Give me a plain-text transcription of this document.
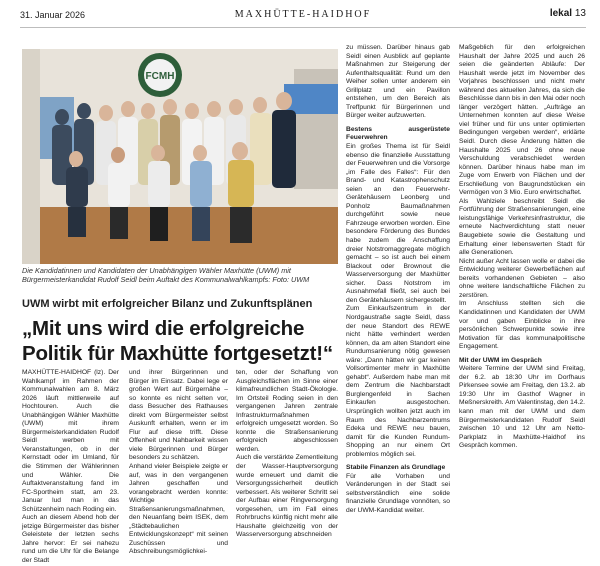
31. Januar 2026	MAXHÜTTE-HAIDHOF	lekal 13
FCMH
Die Kandidatinnen und Kandidaten der Unabhängigen Wähler Maxhütte (UWM) mit Bürgermeisterkandidat Rudolf Seidl beim Auftakt des Kommunalwahlkampfs: Foto: UWM
UWM wirbt mit erfolgreicher Bilanz und Zukunftsplänen
„Mit uns wird die erfolgreiche Politik für Maxhütte fortgesetzt!“

MAXHÜTTE-HAIDHOF (lz). Der Wahlkampf im Rahmen der Kommunalwahlen am 8. März 2026 läuft mittlerweile auf Hochtouren. Auch die Unabhängigen Wähler Maxhütte (UWM) mit ihrem Bürgermeisterkandidaten Rudolf Seidl werben mit Veranstaltungen, ob in der Kernstadt oder im Umland, für die Stimmen der Wählerinnen und Wähler. Die Auftaktveranstaltung fand im FC-Sportheim statt, am 23. Januar lud man in das Schützenheim nach Roding ein.

Auch an diesem Abend hob der jetzige Bürgermeister das bisher Geleistete der letzten sechs Jahre hervor: Er sei nahezu rund um die Uhr für die Belange der Stadt

und ihrer Bürgerinnen und Bürger im Einsatz. Dabei lege er großen Wert auf Bürgernähe – so konnte es nicht selten vor, dass Besucher des Rathauses direkt vom Bürgermeister selbst Auskunft erhalten, wenn er im Flur auf diese trifft. Diese Offenheit und Nahbarkeit wissen viele Bürgerinnen und Bürger besonders zu schätzen.

Anhand vieler Beispiele zeigte er auf, was in den vergangenen Jahren geschaffen und vorangebracht werden konnte: Wichtige Straßensanierungsmaßnahmen, den Neuanfang beim ISEK, dem „Städtebaulichen Entwicklungskonzept“ mit seinen Zuschüssen und Abschreibungsmöglichkei-

ten, oder der Schaffung von Ausgleichsflächen im Sinne einer klimafreundlichen Stadt-Ökologie. Im Ortsteil Roding seien in den vergangenen Jahren zentrale Infrastrukturmaßnahmen erfolgreich umgesetzt worden. So konnte die Straßensanierung erfolgreich abgeschlossen werden.

Auch die verstärkte Zementleitung der Wasser-Hauptversorgung wurde erneuert und damit die Versorgungssicherheit deutlich verbessert. Als weiterer Schritt sei der Aufbau einer Ringversorgung vorgesehen, um im Fall eines Rohrbruchs künftig nicht mehr alle Haushalte gleichzeitig von der Wasserversorgung abschneiden

zu müssen. Darüber hinaus gab Seidl einen Ausblick auf geplante Maßnahmen zur Steigerung der Aufenthaltsqualität: Rund um den Weiher sollen unter anderem ein Grillplatz und ein Pavillon entstehen, um den Bereich als Treffpunkt für Bürgerinnen und Bürger weiter aufzuwerten.

Bestens ausgerüstete Feuerwehren

Ein großes Thema ist für Seidl ebenso die finanzielle Ausstattung der Feuerwehren und die Vorsorge „im Falle des Falles“: Für den Brand- und Katastrophenschutz seien an den Feuerwehr-Gerätehäusern Leonberg und Ponholz Baumaßnahmen durchgeführt sowie neue Fahrzeuge erworben worden. Eine besondere Förderung des Bundes habe zudem die Anschaffung dreier Notstromaggregate möglich gemacht – so ist auch bei einem Blackout oder Brownout die Wasserversorgung der Maxhütter sicher. Dass Notstrom im Ausnahmefall fließt, sei auch bei den Gerätehäusern sichergestellt.

Zum Einkaufszentrum in der Nordgaustraße sagte Seidl, dass der neue Standort des REWE nicht hätte verhindert werden können, da am alten Standort eine Rundumsanierung nötig gewesen wäre: „Dann hätten wir gar keinen Vollsortimenter mehr in Maxhütte gehabt“. Außerdem habe man mit dem Zentrum die Nachbarstadt Burglengenfeld in Sachen Einkaufen ausgestochen. Ursprünglich wollten jetzt auch im Raum des Nachbarzentrums Edeka und REWE neu bauen, damit für die Kunden Rundum-Shopping an nur einem Ort problemlos möglich sei.

Stabile Finanzen als Grundlage

Für alle Vorhaben und Veränderungen in der Stadt sei selbstverständlich eine solide finanzielle Grundlage vonnöten, so der UWM-Kandidat weiter.

Maßgeblich für den erfolgreichen Haushalt der Jahre 2025 und auch 26 seien die geänderten Abläufe: Der Haushalt werde jetzt im November des Vorjahres beschlossen und nicht mehr während des aktuellen Jahres, da sich die Beschlüsse dann bis in den Mai oder noch länger verzögert hätten. „Aufträge an Unternehmen konnten auf diese Weise viel früher und für uns unter optimierten Bedingungen vergeben werden“, erklärte Seidl. Durch diese Änderung hätten die Haushalte 2025 und 26 ohne neue Verschuldung verabschiedet werden können. Darüber hinaus habe man im Zuge vom Erwerb von Flächen und der Erschließung von Baugrundstücken ein Vermögen von 3 Mio. Euro erwirtschaftet.

Als Wahlziele beschreibt Seidl die Fortführung der Straßensanierungen, eine leistungsfähige Verkehrsinfrastruktur, die erneute Nachverdichtung statt neuer Baugebiete sowie die Gestaltung und Erhaltung einer lebenswerten Stadt für alle Generationen.

Nicht außer Acht lassen wolle er dabei die Entwicklung weiterer Gewerbeflächen auf bereits vorhandenen Gebieten – also ohne weitere landschaftliche Flächen zu zerstören.

Im Anschluss stellten sich die Kandidatinnen und Kandidaten der UWM vor und gaben Einblicke in ihre persönlichen Schwerpunkte sowie ihre Motivation für das kommunalpolitische Engagement.

Mit der UWM im Gespräch

Weitere Termine der UWM sind Freitag, der 6.2. ab 18:30 Uhr im Dorfhaus Pirkensee sowie am Freitag, den 13.2. ab 19:30 Uhr im Gasthof Wagner in Meßnerskreith. Am Valentinstag, den 14.2. kann man mit der UWM und dem Bürgermeisterkandidaten Rudolf Seidl zwischen 10 und 12 Uhr am Netto-Parkplatz in Maxhütte-Haidhof ins Gespräch kommen.
